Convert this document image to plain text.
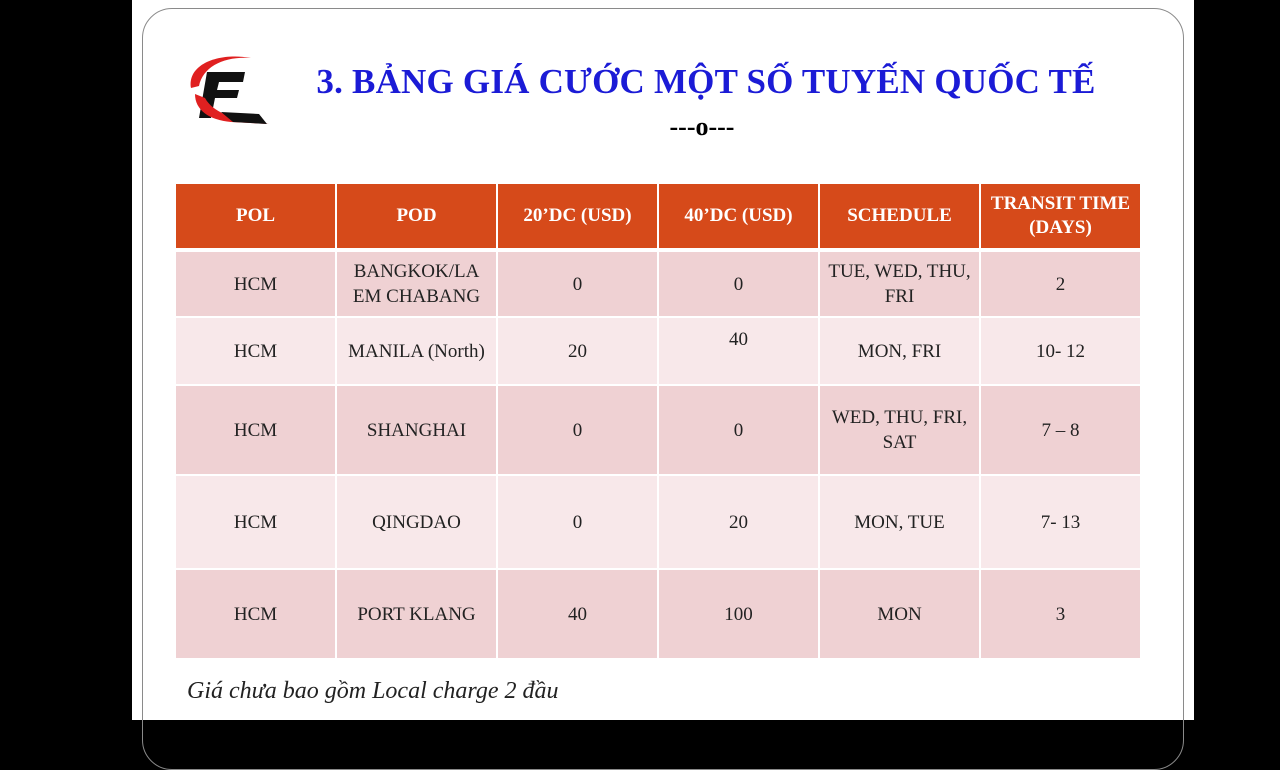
3. BẢNG GIÁ CƯỚC MỘT SỐ TUYẾN QUỐC TẾ
---o---
POL	POD	20’DC (USD)	40’DC (USD)	SCHEDULE	TRANSIT TIME (DAYS)
HCM	BANGKOK/LA EM CHABANG	0	0	TUE, WED, THU, FRI	2
HCM	MANILA (North)	20	40	MON, FRI	10- 12
HCM	SHANGHAI	0	0	WED, THU, FRI, SAT	7 – 8
HCM	QINGDAO	0	20	MON, TUE	7- 13
HCM	PORT KLANG	40	100	MON	3
Giá chưa bao gồm Local charge 2 đầu
